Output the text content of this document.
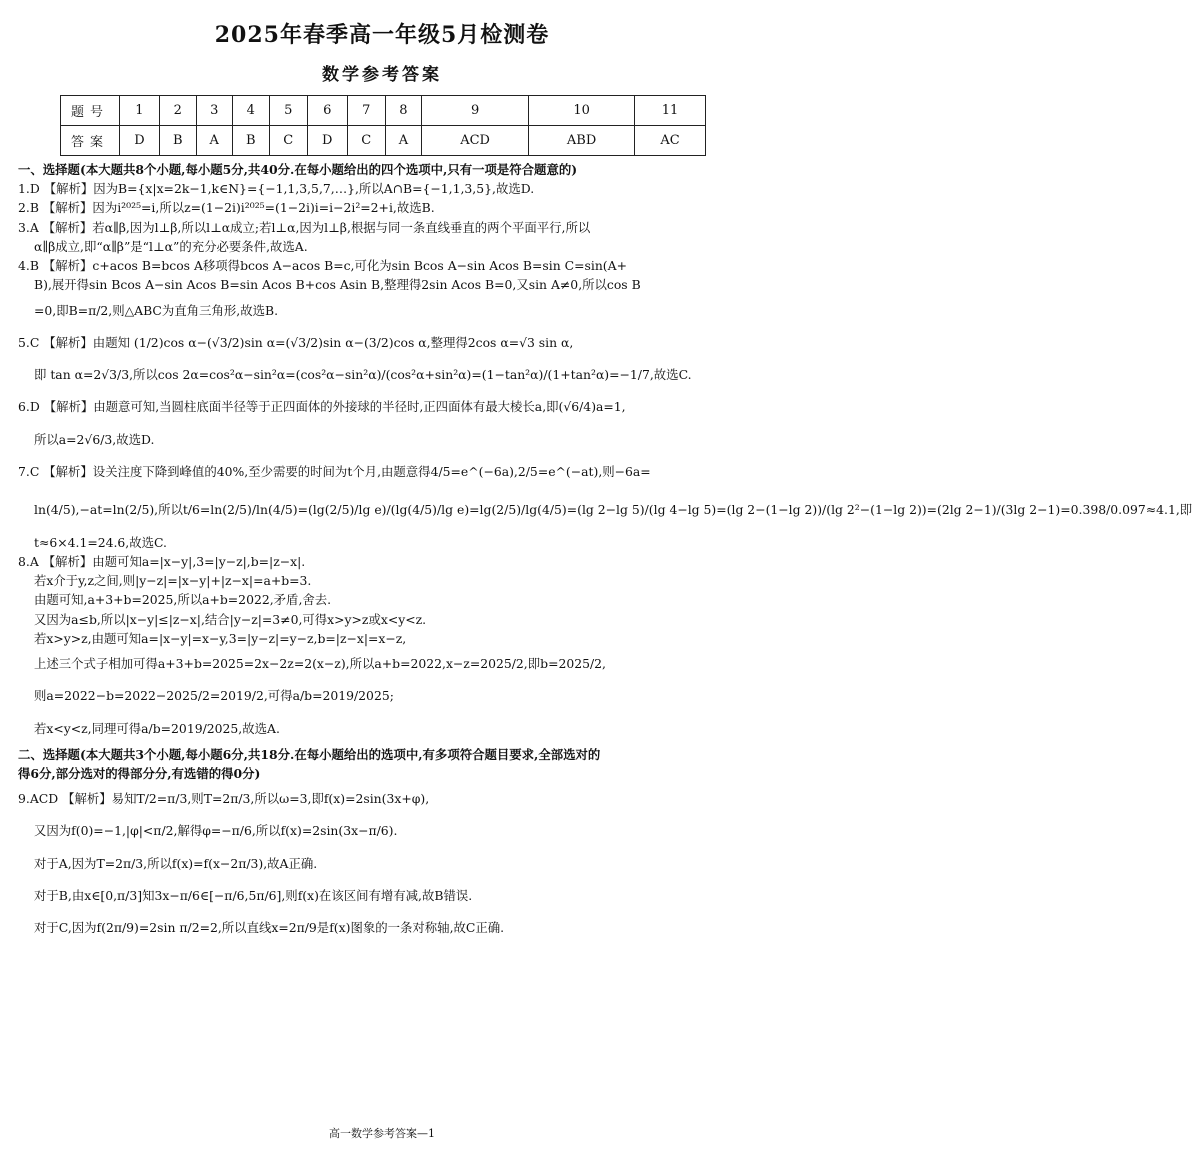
2025年春季高一年级5月检测卷
数学参考答案
题号	1	2	3	4	5	6	7	8	9	10	11
答案	D	B	A	B	C	D	C	A	ACD	ABD	AC

一、选择题(本大题共8个小题,每小题5分,共40分.在每小题给出的四个选项中,只有一项是符合题意的)

1.D 【解析】因为B={x|x=2k−1,k∈N}={−1,1,3,5,7,…},所以A∩B={−1,1,3,5},故选D.

2.B 【解析】因为i²⁰²⁵=i,所以z=(1−2i)i²⁰²⁵=(1−2i)i=i−2i²=2+i,故选B.

3.A 【解析】若α∥β,因为l⊥β,所以l⊥α成立;若l⊥α,因为l⊥β,根据与同一条直线垂直的两个平面平行,所以

α∥β成立,即“α∥β”是“l⊥α”的充分必要条件,故选A.

4.B 【解析】c+acos B=bcos A移项得bcos A−acos B=c,可化为sin Bcos A−sin Acos B=sin C=sin(A+

B),展开得sin Bcos A−sin Acos B=sin Acos B+cos Asin B,整理得2sin Acos B=0,又sin A≠0,所以cos B

=0,即B=π/2,则△ABC为直角三角形,故选B.

5.C 【解析】由题知 (1/2)cos α−(√3/2)sin α=(√3/2)sin α−(3/2)cos α,整理得2cos α=√3 sin α,

即 tan α=2√3/3,所以cos 2α=cos²α−sin²α=(cos²α−sin²α)/(cos²α+sin²α)=(1−tan²α)/(1+tan²α)=−1/7,故选C.

6.D 【解析】由题意可知,当圆柱底面半径等于正四面体的外接球的半径时,正四面体有最大棱长a,即(√6/4)a=1,

所以a=2√6/3,故选D.

7.C 【解析】设关注度下降到峰值的40%,至少需要的时间为t个月,由题意得4/5=e^(−6a),2/5=e^(−at),则−6a=

ln(4/5),−at=ln(2/5),所以t/6=ln(2/5)/ln(4/5)=(lg(2/5)/lg e)/(lg(4/5)/lg e)=lg(2/5)/lg(4/5)=(lg 2−lg 5)/(lg 4−lg 5)=(lg 2−(1−lg 2))/(lg 2²−(1−lg 2))=(2lg 2−1)/(3lg 2−1)=0.398/0.097≈4.1,即

t≈6×4.1=24.6,故选C.

8.A 【解析】由题可知a=|x−y|,3=|y−z|,b=|z−x|.

若x介于y,z之间,则|y−z|=|x−y|+|z−x|=a+b=3.

由题可知,a+3+b=2025,所以a+b=2022,矛盾,舍去.

又因为a≤b,所以|x−y|≤|z−x|,结合|y−z|=3≠0,可得x>y>z或x<y<z.

若x>y>z,由题可知a=|x−y|=x−y,3=|y−z|=y−z,b=|z−x|=x−z,

上述三个式子相加可得a+3+b=2025=2x−2z=2(x−z),所以a+b=2022,x−z=2025/2,即b=2025/2,

则a=2022−b=2022−2025/2=2019/2,可得a/b=2019/2025;

若x<y<z,同理可得a/b=2019/2025,故选A.

二、选择题(本大题共3个小题,每小题6分,共18分.在每小题给出的选项中,有多项符合题目要求,全部选对的

得6分,部分选对的得部分分,有选错的得0分)

9.ACD 【解析】易知T/2=π/3,则T=2π/3,所以ω=3,即f(x)=2sin(3x+φ),

又因为f(0)=−1,|φ|<π/2,解得φ=−π/6,所以f(x)=2sin(3x−π/6).

对于A,因为T=2π/3,所以f(x)=f(x−2π/3),故A正确.

对于B,由x∈[0,π/3]知3x−π/6∈[−π/6,5π/6],则f(x)在该区间有增有减,故B错误.

对于C,因为f(2π/9)=2sin π/2=2,所以直线x=2π/9是f(x)图象的一条对称轴,故C正确.

高一数学参考答案—1
